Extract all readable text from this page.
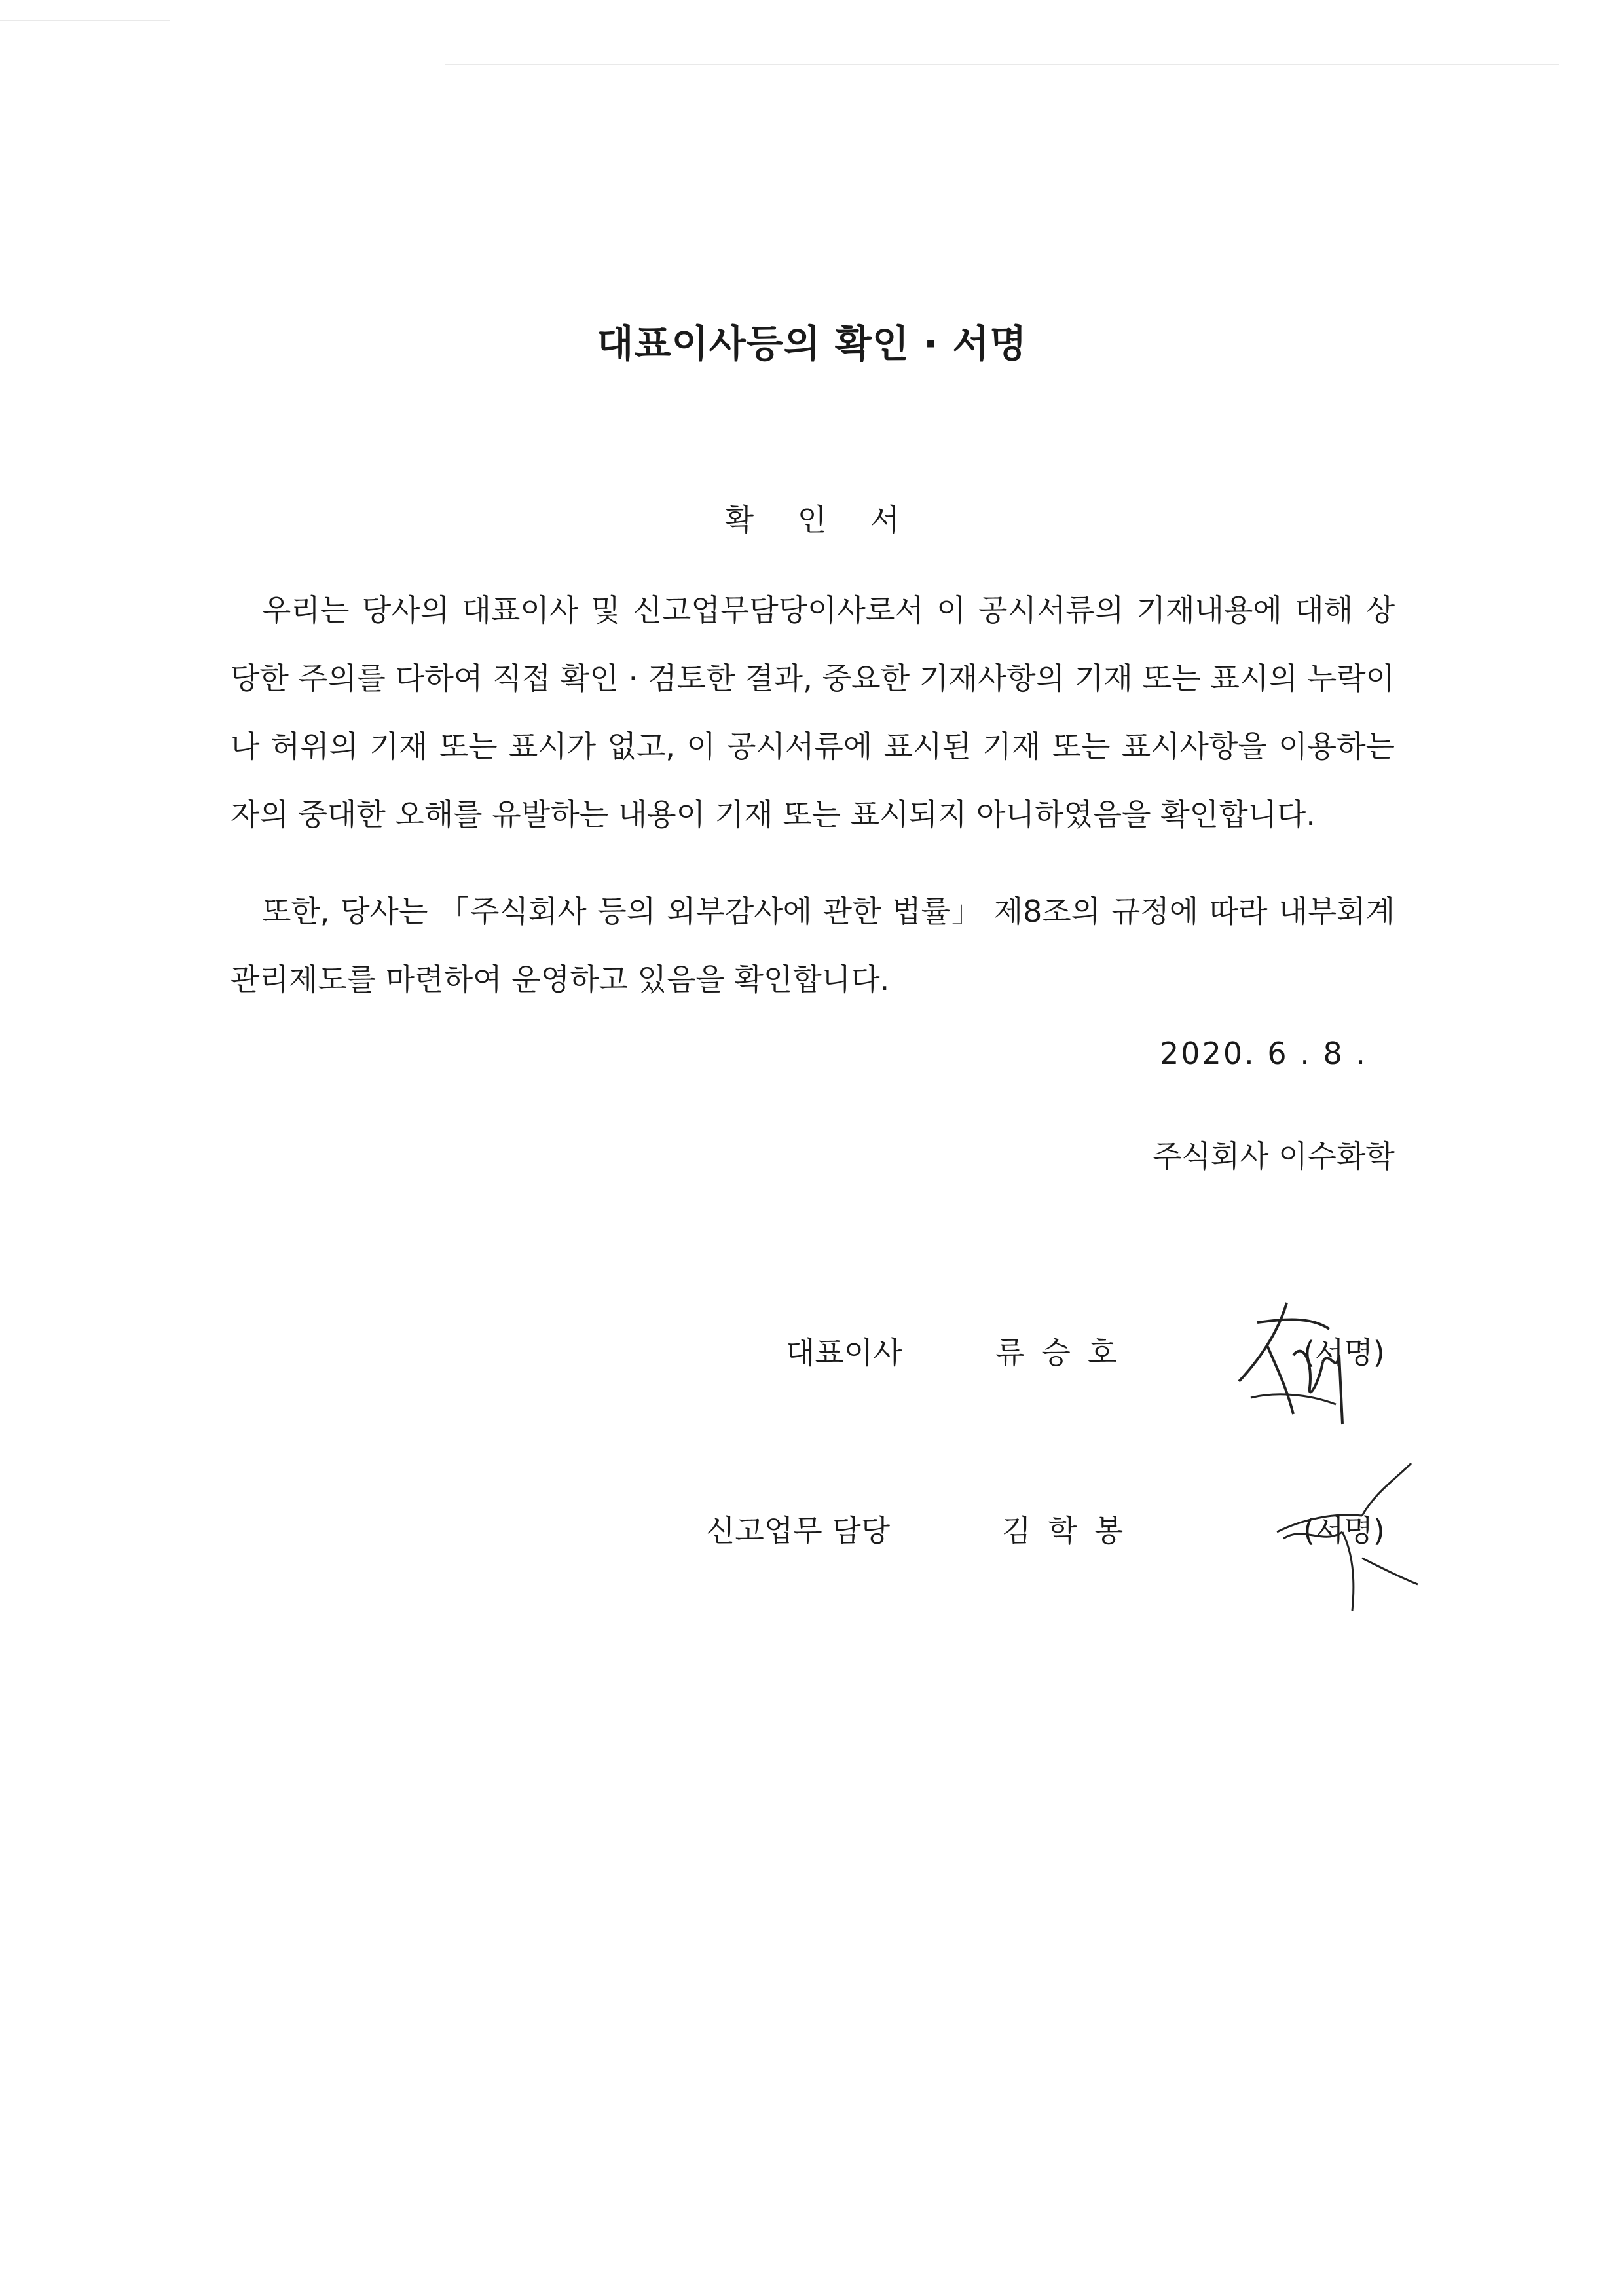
대표이사등의 확인 · 서명
확 인 서

우리는 당사의 대표이사 및 신고업무담당이사로서 이 공시서류의 기재내용에 대해 상당한 주의를 다하여 직접 확인 · 검토한 결과, 중요한 기재사항의 기재 또는 표시의 누락이나 허위의 기재 또는 표시가 없고, 이 공시서류에 표시된 기재 또는 표시사항을 이용하는 자의 중대한 오해를 유발하는 내용이 기재 또는 표시되지 아니하였음을 확인합니다.

또한, 당사는 「주식회사 등의 외부감사에 관한 법률」 제8조의 규정에 따라 내부회계관리제도를 마련하여 운영하고 있음을 확인합니다.

2020. 6 . 8 .
주식회사 이수화학
대표이사	류승호	(서명)
신고업무 담당	김학봉	(서명)
